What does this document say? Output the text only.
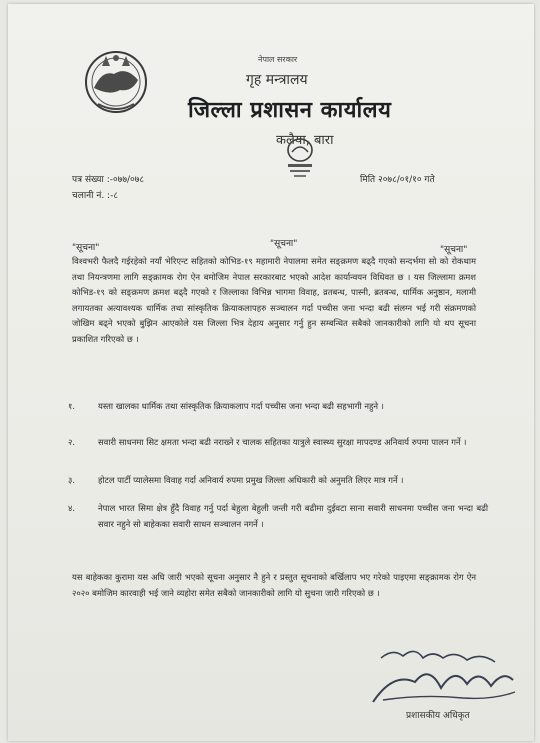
नेपाल सरकार
गृह मन्त्रालय
जिल्ला प्रशासन कार्यालय
कलैया, बारा
पत्र संख्या :-०७७/०७८
चलानी नं. :-८
मिति २०७८/०१/१० गते
"सूचना"	"सूचना"
"सूचना"
विश्वभरी फैलदै गईरहेको नयाँ भेरिएन्ट सहितको कोभिड-१९ महामारी नेपालमा समेत सङ्क्रमण बढ्दै गएको सन्दर्भमा सो को रोकथाम तथा नियन्त्रणमा लागि सङ्क्रामक रोग ऐन बमोजिम नेपाल सरकारबाट भएको आदेश कार्यान्वयन विधिवत छ । यस जिल्लामा क्रमश कोभिड-१९ को सङ्क्रमण क्रमश बढ्दै गएको र जिल्लाका विभिन्न भागमा विवाह, व्रतबन्ध, पास्नी, ब्रतबन्ध, धार्मिक अनुष्ठान, मलामी लगायतका अत्यावश्यक धार्मिक तथा सांस्कृतिक क्रियाकलापहरु सञ्चालन गर्दा पच्चीस जना भन्दा बढी संलग्न भई गरी संक्रमणको जोखिम बढ्ने भएको बुझिन आएकोले यस जिल्ला भित्र देहाय अनुसार गर्नु हुन सम्बन्धित सबैको जानकारीको लागि यो थप सूचना प्रकाशित गरिएको छ ।
१.	यस्ता खालका धार्मिक तथा सांस्कृतिक क्रियाकलाप गर्दा पच्चीस जना भन्दा बढी सहभागी नहुने ।
२.	सवारी साधनमा सिट क्षमता भन्दा बढी नराख्ने र चालक सहितका यात्रुले स्वास्थ्य सुरक्षा मापदण्ड अनिवार्य रुपमा पालन गर्ने ।
३.	होटल पार्टी प्यालेसमा विवाह गर्दा अनिवार्य रुपमा प्रमुख जिल्ला अधिकारी को अनुमति लिएर मात्र गर्ने ।
४.	नेपाल भारत सिमा क्षेत्र हुँदै विवाह गर्नु पर्दा बेहुला बेहुली जन्ती गरी बढीमा दुईवटा साना सवारी साधनमा पच्चीस जना भन्दा बढी सवार नहुने सो बाहेकका सवारी साधन सञ्चालन नगर्ने ।
यस बाहेकका कुरामा यस अघि जारी भएको सूचना अनुसार नै हुने र प्रस्तुत सूचनाको बर्खिलाप भए गरेको पाइएमा सङ्क्रामक रोग ऐन २०२० बमोजिम कारवाही भई जाने व्यहोरा समेत सबैको जानकारीको लागि यो सुचना जारी गरिएको छ ।
प्रशासकीय अधिकृत
